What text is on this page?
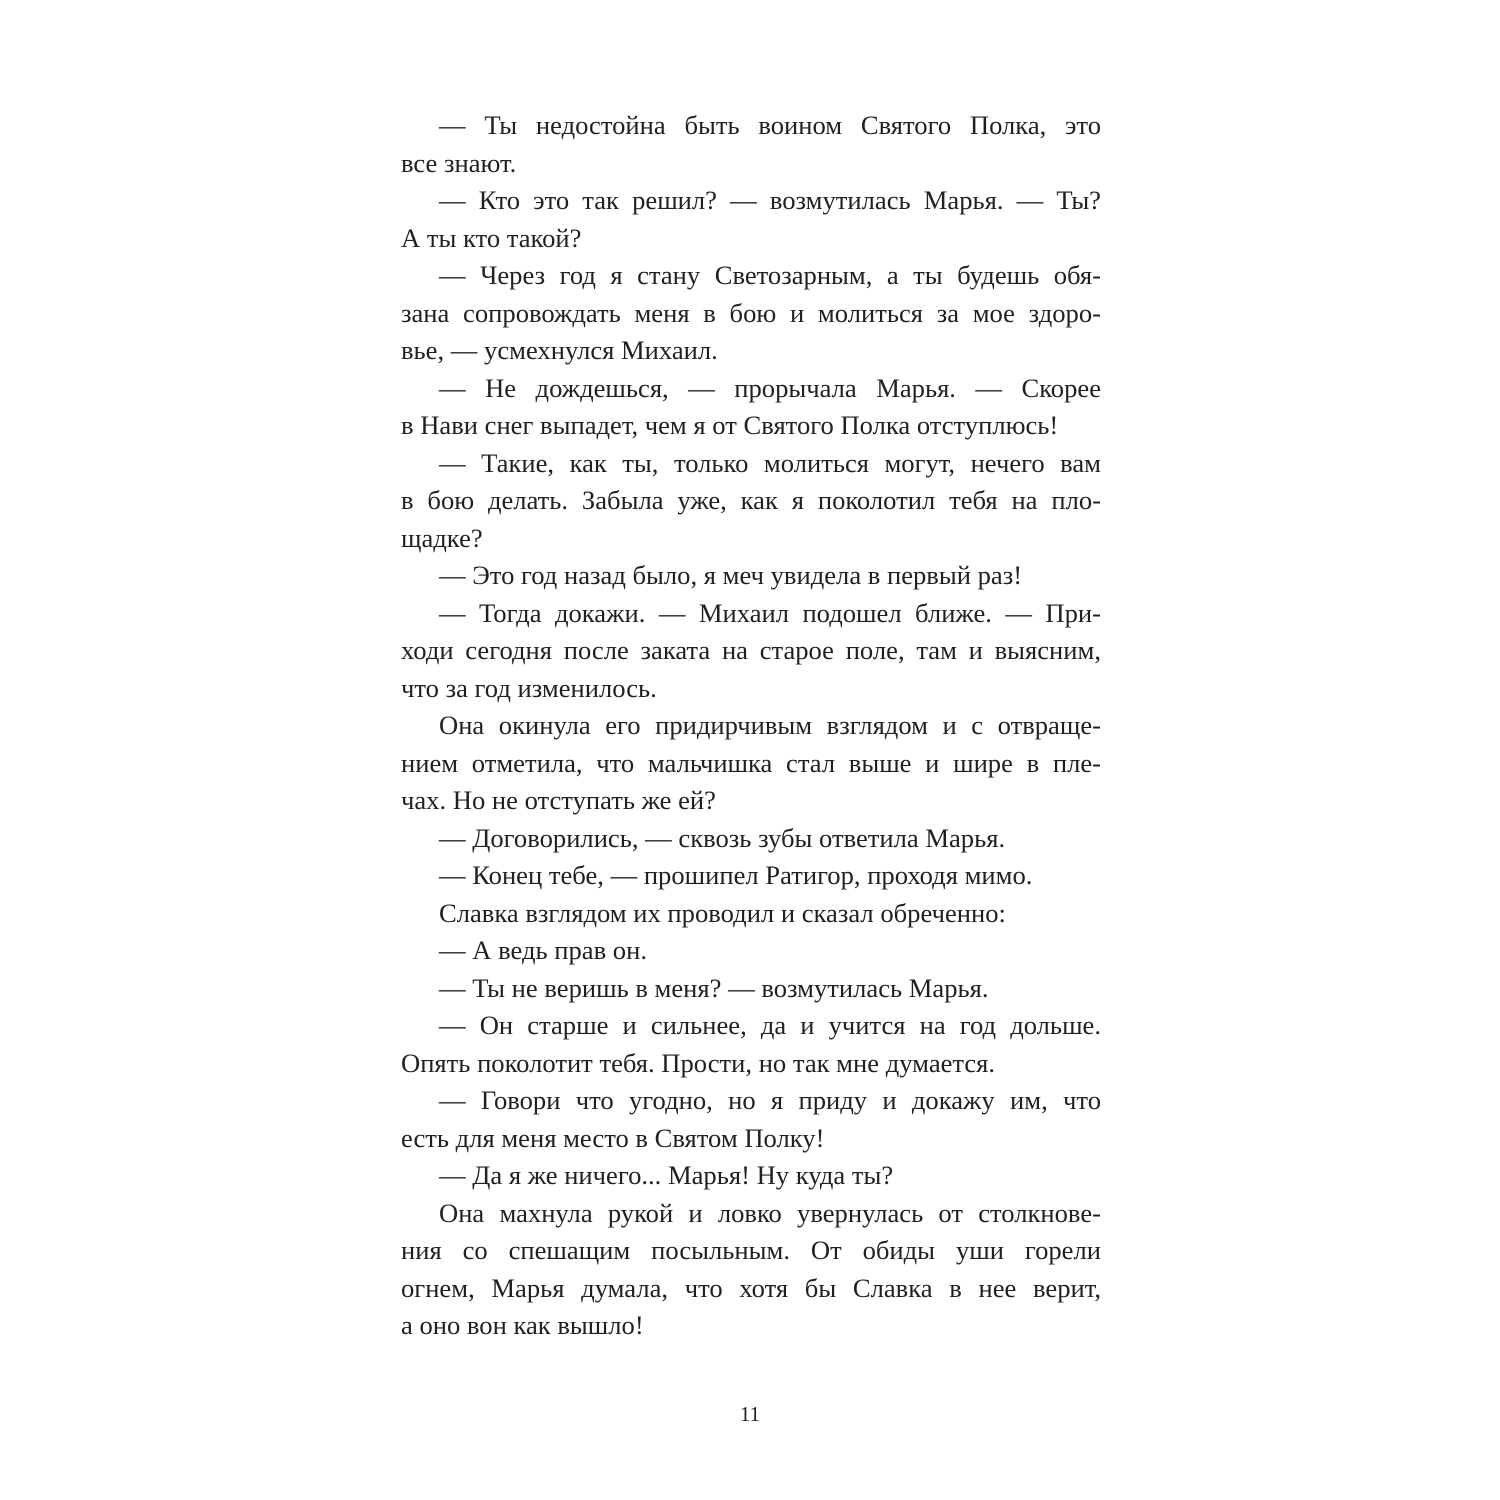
— Ты недостойна быть воином Святого Полка, это
все знают.
— Кто это так решил? — возмутилась Марья. — Ты?
А ты кто такой?
— Через год я стану Светозарным, а ты будешь обя-
зана сопровождать меня в бою и молиться за мое здоро-
вье, — усмехнулся Михаил.
— Не дождешься, — прорычала Марья. — Скорее
в Нави снег выпадет, чем я от Святого Полка отступлюсь!
— Такие, как ты, только молиться могут, нечего вам
в бою делать. Забыла уже, как я поколотил тебя на пло-
щадке?
— Это год назад было, я меч увидела в первый раз!
— Тогда докажи. — Михаил подошел ближе. — При-
ходи сегодня после заката на старое поле, там и выясним,
что за год изменилось.
Она окинула его придирчивым взглядом и с отвраще-
нием отметила, что мальчишка стал выше и шире в пле-
чах. Но не отступать же ей?
— Договорились, — сквозь зубы ответила Марья.
— Конец тебе, — прошипел Ратигор, проходя мимо.
Славка взглядом их проводил и сказал обреченно:
— А ведь прав он.
— Ты не веришь в меня? — возмутилась Марья.
— Он старше и сильнее, да и учится на год дольше.
Опять поколотит тебя. Прости, но так мне думается.
— Говори что угодно, но я приду и докажу им, что
есть для меня место в Святом Полку!
— Да я же ничего... Марья! Ну куда ты?
Она махнула рукой и ловко увернулась от столкнове-
ния со спешащим посыльным. От обиды уши горели
огнем, Марья думала, что хотя бы Славка в нее верит,
а оно вон как вышло!
11
